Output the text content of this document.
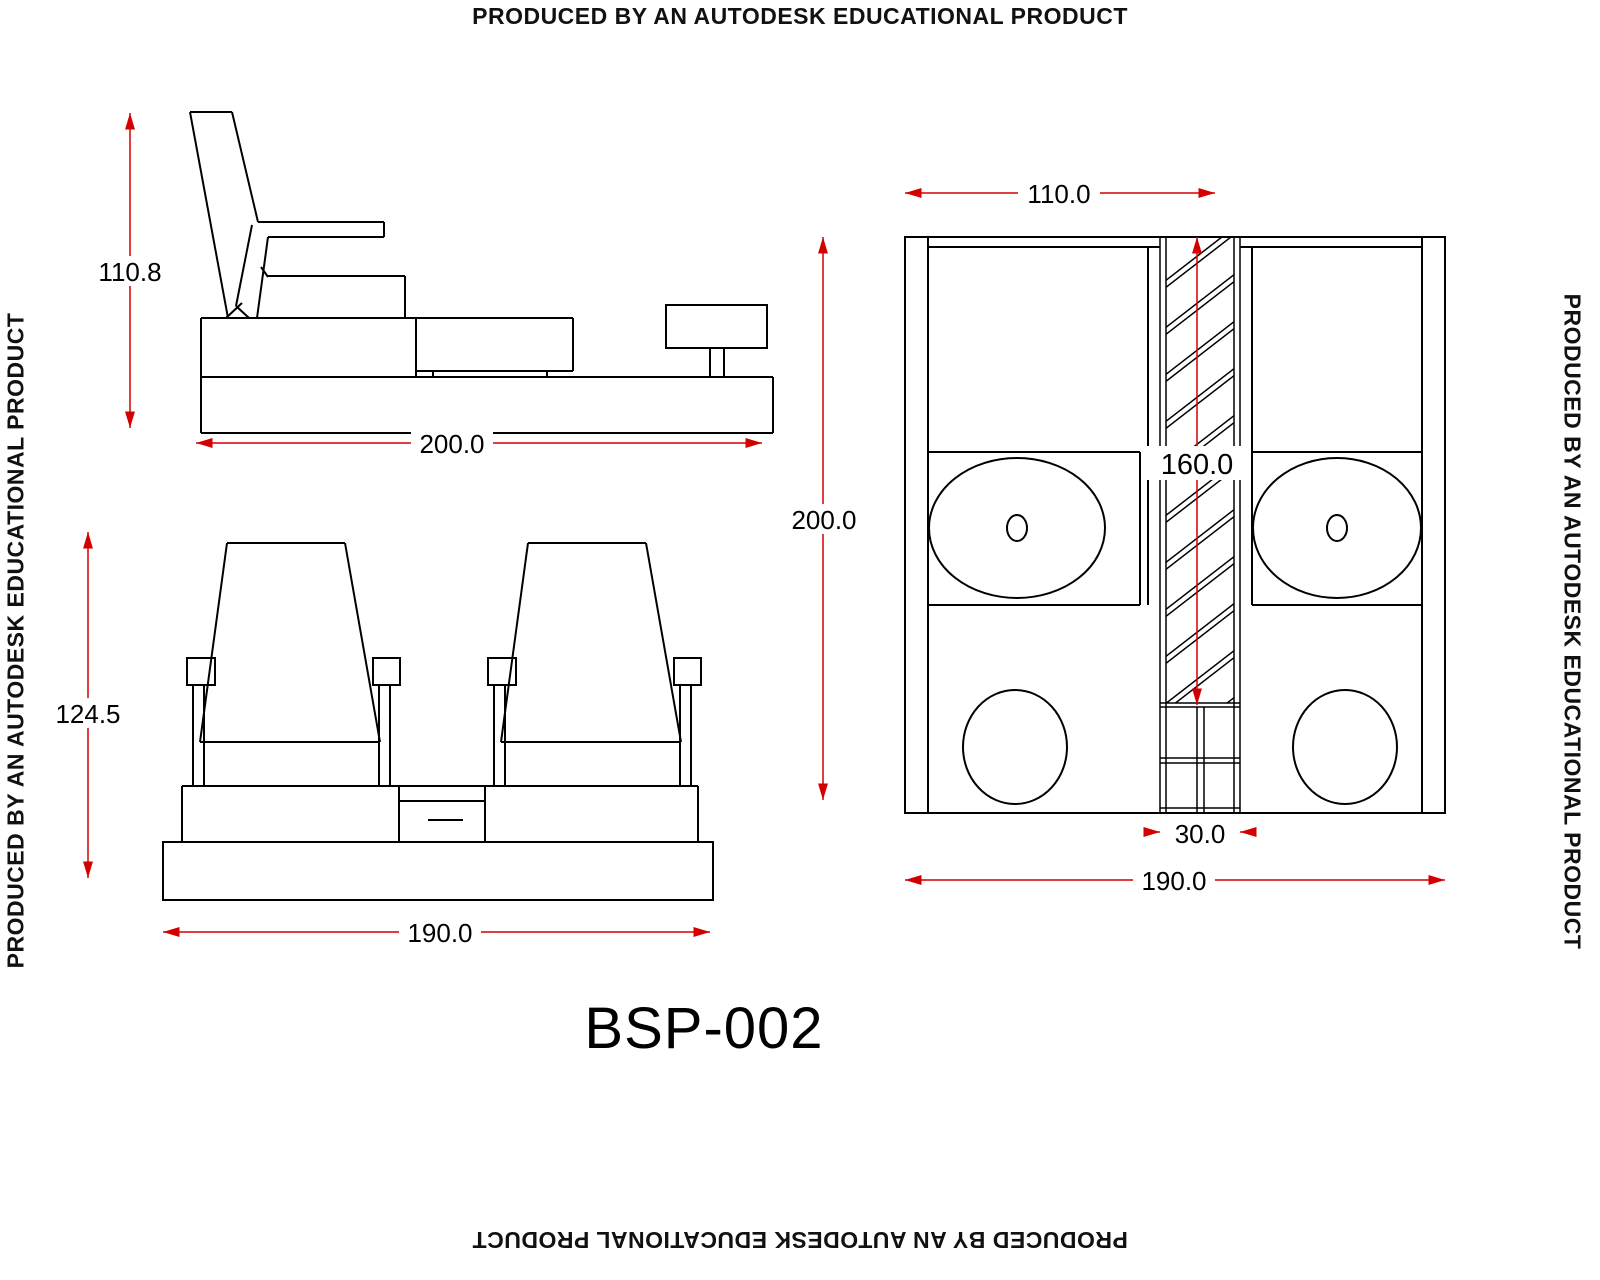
PRODUCED BY AN AUTODESK EDUCATIONAL PRODUCT
PRODUCED BY AN AUTODESK EDUCATIONAL PRODUCT
PRODUCED BY AN AUTODESK EDUCATIONAL PRODUCT	PRODUCED BY AN AUTODESK EDUCATIONAL PRODUCT
110.8
200.0
124.5
190.0
110.0
200.0
160.0
30.0
190.0
BSP-002
